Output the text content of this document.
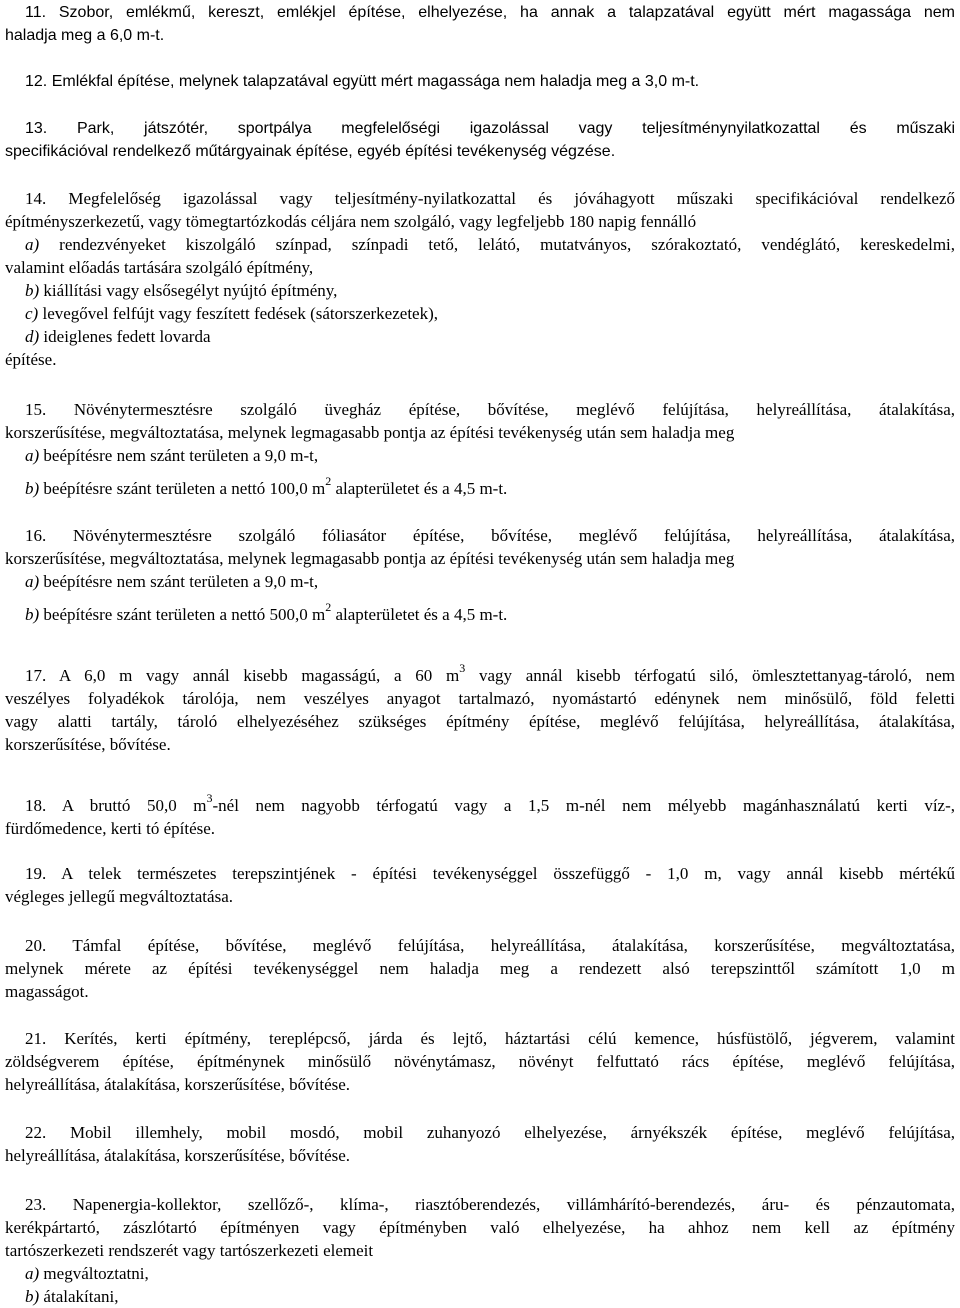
11. Szobor, emlékmű, kereszt, emlékjel építése, elhelyezése, ha annak a talapzatával együtt mért magassága nem
haladja meg a 6,0 m-t.
12. Emlékfal építése, melynek talapzatával együtt mért magassága nem haladja meg a 3,0 m-t.
13. Park, játszótér, sportpálya megfelelőségi igazolással vagy teljesítménynyilatkozattal és műszaki
specifikációval rendelkező műtárgyainak építése, egyéb építési tevékenység végzése.
14. Megfelelőség igazolással vagy teljesítmény-nyilatkozattal és jóváhagyott műszaki specifikációval rendelkező
építményszerkezetű, vagy tömegtartózkodás céljára nem szolgáló, vagy legfeljebb 180 napig fennálló
a) rendezvényeket kiszolgáló színpad, színpadi tető, lelátó, mutatványos, szórakoztató, vendéglátó, kereskedelmi,
valamint előadás tartására szolgáló építmény,
b) kiállítási vagy elsősegélyt nyújtó építmény,
c) levegővel felfújt vagy feszített fedések (sátorszerkezetek),
d) ideiglenes fedett lovarda
építése.
15. Növénytermesztésre szolgáló üvegház építése, bővítése, meglévő felújítása, helyreállítása, átalakítása,
korszerűsítése, megváltoztatása, melynek legmagasabb pontja az építési tevékenység után sem haladja meg
a) beépítésre nem szánt területen a 9,0 m-t,
b) beépítésre szánt területen a nettó 100,0 $m^2$ alapterületet és a 4,5 m-t.
16. Növénytermesztésre szolgáló fóliasátor építése, bővítése, meglévő felújítása, helyreállítása, átalakítása,
korszerűsítése, megváltoztatása, melynek legmagasabb pontja az építési tevékenység után sem haladja meg
a) beépítésre nem szánt területen a 9,0 m-t,
b) beépítésre szánt területen a nettó 500,0 $m^2$ alapterületet és a 4,5 m-t.
17. A 6,0 m vagy annál kisebb magasságú, a 60 $m^3$ vagy annál kisebb térfogatú siló, ömlesztettanyag-tároló, nem
veszélyes folyadékok tárolója, nem veszélyes anyagot tartalmazó, nyomástartó edénynek nem minősülő, föld feletti
vagy alatti tartály, tároló elhelyezéséhez szükséges építmény építése, meglévő felújítása, helyreállítása, átalakítása,
korszerűsítése, bővítése.
18. A bruttó 50,0 $m^3$-nél nem nagyobb térfogatú vagy a 1,5 m-nél nem mélyebb magánhasználatú kerti víz-,
fürdőmedence, kerti tó építése.
19. A telek természetes terepszintjének - építési tevékenységgel összefüggő - 1,0 m, vagy annál kisebb mértékű
végleges jellegű megváltoztatása.
20. Támfal építése, bővítése, meglévő felújítása, helyreállítása, átalakítása, korszerűsítése, megváltoztatása,
melynek mérete az építési tevékenységgel nem haladja meg a rendezett alsó terepszinttől számított 1,0 m
magasságot.
21. Kerítés, kerti építmény, tereplépcső, járda és lejtő, háztartási célú kemence, húsfüstölő, jégverem, valamint
zöldségverem építése, építménynek minősülő növénytámasz, növényt felfuttató rács építése, meglévő felújítása,
helyreállítása, átalakítása, korszerűsítése, bővítése.
22. Mobil illemhely, mobil mosdó, mobil zuhanyozó elhelyezése, árnyékszék építése, meglévő felújítása,
helyreállítása, átalakítása, korszerűsítése, bővítése.
23. Napenergia-kollektor, szellőző-, klíma-, riasztóberendezés, villámhárító-berendezés, áru- és pénzautomata,
kerékpártartó, zászlótartó építményen vagy építményben való elhelyezése, ha ahhoz nem kell az építmény
tartószerkezeti rendszerét vagy tartószerkezeti elemeit
a) megváltoztatni,
b) átalakítani,
